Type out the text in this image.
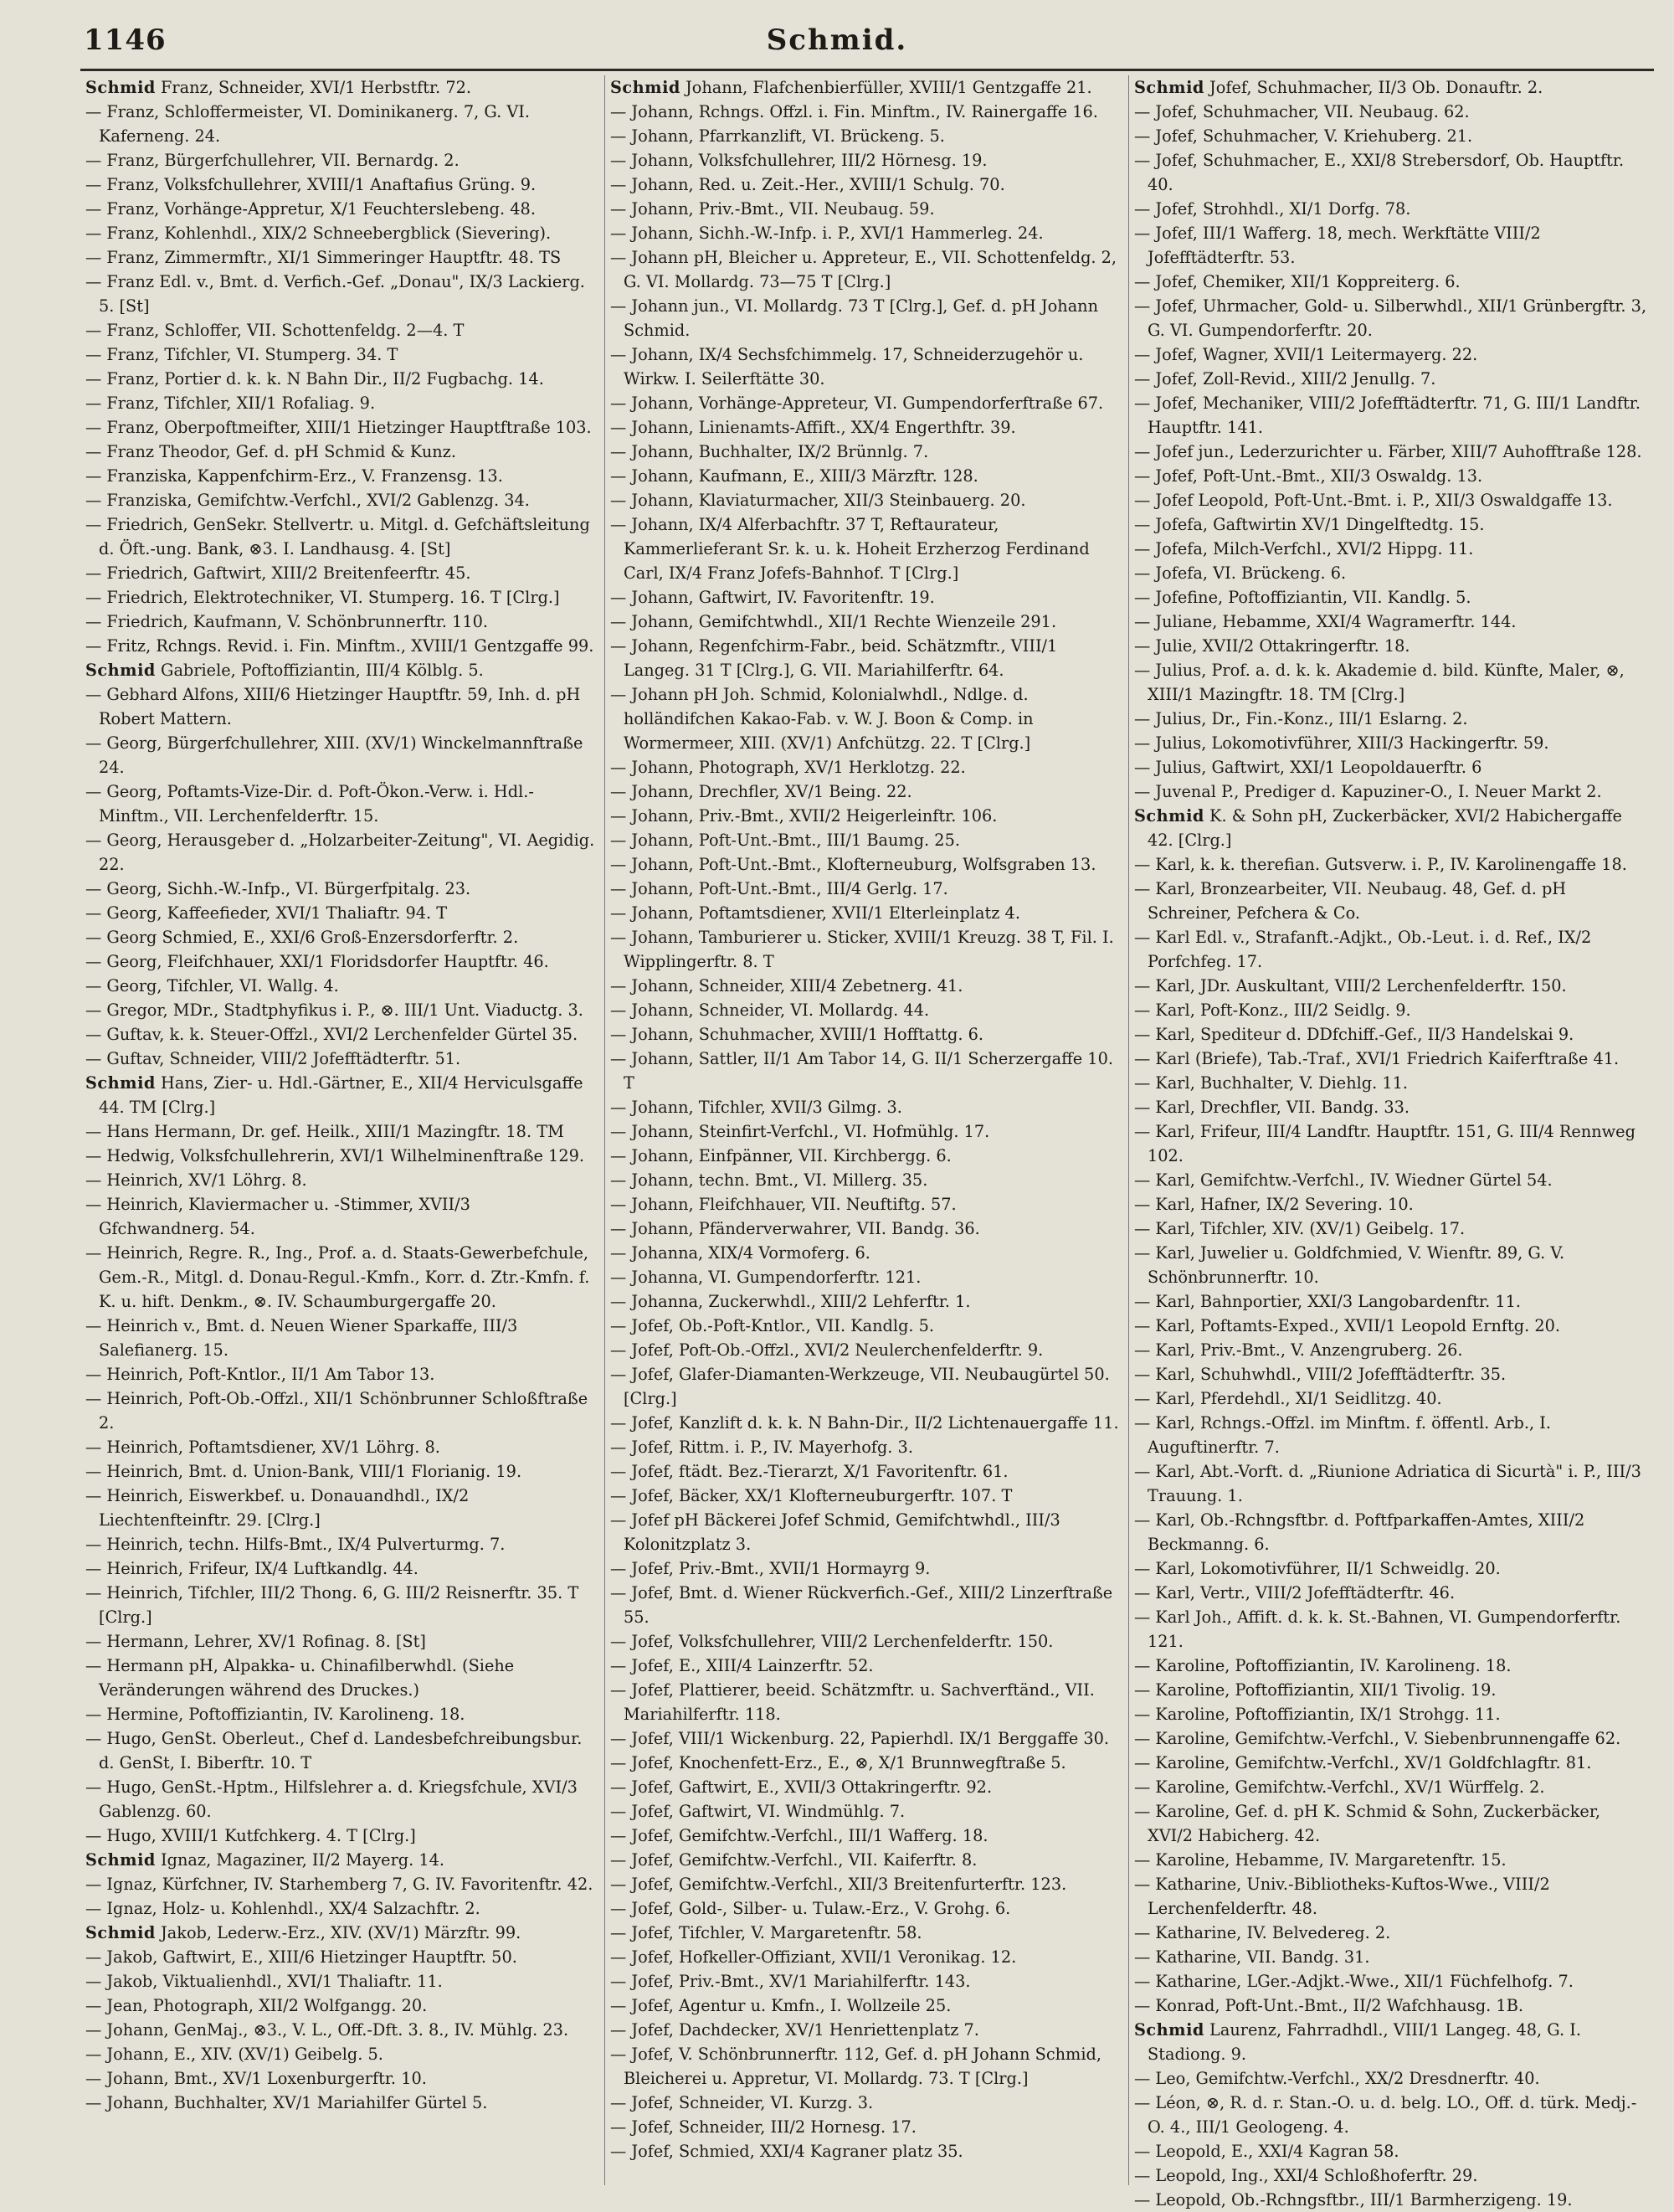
1146	Schmid.
Schmid Franz, Schneider, XVI/1 Herbstftr. 72.
— Franz, Schloffermeister, VI. Dominikanerg. 7, G. VI. Kaferneng. 24.
— Franz, Bürgerfchullehrer, VII. Bernardg. 2.
— Franz, Volksfchullehrer, XVIII/1 Anaftafius Grüng. 9.
— Franz, Vorhänge-Appretur, X/1 Feuchterslebeng. 48.
— Franz, Kohlenhdl., XIX/2 Schneebergblick (Sievering).
— Franz, Zimmermftr., XI/1 Simmeringer Hauptftr. 48. TS
— Franz Edl. v., Bmt. d. Verfich.-Gef. „Donau", IX/3 Lackierg. 5. [St]
— Franz, Schloffer, VII. Schottenfeldg. 2—4. T
— Franz, Tifchler, VI. Stumperg. 34. T
— Franz, Portier d. k. k. N Bahn Dir., II/2 Fugbachg. 14.
— Franz, Tifchler, XII/1 Rofaliag. 9.
— Franz, Oberpoftmeifter, XIII/1 Hietzinger Hauptftraße 103.
— Franz Theodor, Gef. d. pH Schmid & Kunz.
— Franziska, Kappenfchirm-Erz., V. Franzensg. 13.
— Franziska, Gemifchtw.-Verfchl., XVI/2 Gablenzg. 34.
— Friedrich, GenSekr. Stellvertr. u. Mitgl. d. Gefchäftsleitung d. Öft.-ung. Bank, ⊗3. I. Landhausg. 4. [St]
— Friedrich, Gaftwirt, XIII/2 Breitenfeerftr. 45.
— Friedrich, Elektrotechniker, VI. Stumperg. 16. T [Clrg.]
— Friedrich, Kaufmann, V. Schönbrunnerftr. 110.
— Fritz, Rchngs. Revid. i. Fin. Minftm., XVIII/1 Gentzgaffe 99.
Schmid Gabriele, Poftoffiziantin, III/4 Kölblg. 5.
— Gebhard Alfons, XIII/6 Hietzinger Hauptftr. 59, Inh. d. pH Robert Mattern.
— Georg, Bürgerfchullehrer, XIII. (XV/1) Winckelmannftraße 24.
— Georg, Poftamts-Vize-Dir. d. Poft-Ökon.-Verw. i. Hdl.-Minftm., VII. Lerchenfelderftr. 15.
— Georg, Herausgeber d. „Holzarbeiter-Zeitung", VI. Aegidig. 22.
— Georg, Sichh.-W.-Infp., VI. Bürgerfpitalg. 23.
— Georg, Kaffeefieder, XVI/1 Thaliaftr. 94. T
— Georg Schmied, E., XXI/6 Groß-Enzersdorferftr. 2.
— Georg, Fleifchhauer, XXI/1 Floridsdorfer Hauptftr. 46.
— Georg, Tifchler, VI. Wallg. 4.
— Gregor, MDr., Stadtphyfikus i. P., ⊗. III/1 Unt. Viaductg. 3.
— Guftav, k. k. Steuer-Offzl., XVI/2 Lerchenfelder Gürtel 35.
— Guftav, Schneider, VIII/2 Jofefftädterftr. 51.
Schmid Hans, Zier- u. Hdl.-Gärtner, E., XII/4 Herviculsgaffe 44. TM [Clrg.]
— Hans Hermann, Dr. gef. Heilk., XIII/1 Mazingftr. 18. TM
— Hedwig, Volksfchullehrerin, XVI/1 Wilhelminenftraße 129.
— Heinrich, XV/1 Löhrg. 8.
— Heinrich, Klaviermacher u. -Stimmer, XVII/3 Gfchwandnerg. 54.
— Heinrich, Regre. R., Ing., Prof. a. d. Staats-Gewerbefchule, Gem.-R., Mitgl. d. Donau-Regul.-Kmfn., Korr. d. Ztr.-Kmfn. f. K. u. hift. Denkm., ⊗. IV. Schaumburgergaffe 20.
— Heinrich v., Bmt. d. Neuen Wiener Sparkaffe, III/3 Salefianerg. 15.
— Heinrich, Poft-Kntlor., II/1 Am Tabor 13.
— Heinrich, Poft-Ob.-Offzl., XII/1 Schönbrunner Schloßftraße 2.
— Heinrich, Poftamtsdiener, XV/1 Löhrg. 8.
— Heinrich, Bmt. d. Union-Bank, VIII/1 Florianig. 19.
— Heinrich, Eiswerkbef. u. Donauandhdl., IX/2 Liechtenfteinftr. 29. [Clrg.]
— Heinrich, techn. Hilfs-Bmt., IX/4 Pulverturmg. 7.
— Heinrich, Frifeur, IX/4 Luftkandlg. 44.
— Heinrich, Tifchler, III/2 Thong. 6, G. III/2 Reisnerftr. 35. T [Clrg.]
— Hermann, Lehrer, XV/1 Rofinag. 8. [St]
— Hermann pH, Alpakka- u. Chinafilberwhdl. (Siehe Veränderungen während des Druckes.)
— Hermine, Poftoffiziantin, IV. Karolineng. 18.
— Hugo, GenSt. Oberleut., Chef d. Landesbefchreibungsbur. d. GenSt, I. Biberftr. 10. T
— Hugo, GenSt.-Hptm., Hilfslehrer a. d. Kriegsfchule, XVI/3 Gablenzg. 60.
— Hugo, XVIII/1 Kutfchkerg. 4. T [Clrg.]
Schmid Ignaz, Magaziner, II/2 Mayerg. 14.
— Ignaz, Kürfchner, IV. Starhemberg 7, G. IV. Favoritenftr. 42.
— Ignaz, Holz- u. Kohlenhdl., XX/4 Salzachftr. 2.
Schmid Jakob, Lederw.-Erz., XIV. (XV/1) Märzftr. 99.
— Jakob, Gaftwirt, E., XIII/6 Hietzinger Hauptftr. 50.
— Jakob, Viktualienhdl., XVI/1 Thaliaftr. 11.
— Jean, Photograph, XII/2 Wolfgangg. 20.
— Johann, GenMaj., ⊗3., V. L., Off.-Dft. 3. 8., IV. Mühlg. 23.
— Johann, E., XIV. (XV/1) Geibelg. 5.
— Johann, Bmt., XV/1 Loxenburgerftr. 10.
— Johann, Buchhalter, XV/1 Mariahilfer Gürtel 5.
Schmid Johann, Flafchenbierfüller, XVIII/1 Gentzgaffe 21.
— Johann, Rchngs. Offzl. i. Fin. Minftm., IV. Rainergaffe 16.
— Johann, Pfarrkanzlift, VI. Brückeng. 5.
— Johann, Volksfchullehrer, III/2 Hörnesg. 19.
— Johann, Red. u. Zeit.-Her., XVIII/1 Schulg. 70.
— Johann, Priv.-Bmt., VII. Neubaug. 59.
— Johann, Sichh.-W.-Infp. i. P., XVI/1 Hammerleg. 24.
— Johann pH, Bleicher u. Appreteur, E., VII. Schottenfeldg. 2, G. VI. Mollardg. 73—75 T [Clrg.]
— Johann jun., VI. Mollardg. 73 T [Clrg.], Gef. d. pH Johann Schmid.
— Johann, IX/4 Sechsfchimmelg. 17, Schneiderzugehör u. Wirkw. I. Seilerftätte 30.
— Johann, Vorhänge-Appreteur, VI. Gumpendorferftraße 67.
— Johann, Linienamts-Affift., XX/4 Engerthftr. 39.
— Johann, Buchhalter, IX/2 Brünnlg. 7.
— Johann, Kaufmann, E., XIII/3 Märzftr. 128.
— Johann, Klaviaturmacher, XII/3 Steinbauerg. 20.
— Johann, IX/4 Alferbachftr. 37 T, Reftaurateur, Kammerlieferant Sr. k. u. k. Hoheit Erzherzog Ferdinand Carl, IX/4 Franz Jofefs-Bahnhof. T [Clrg.]
— Johann, Gaftwirt, IV. Favoritenftr. 19.
— Johann, Gemifchtwhdl., XII/1 Rechte Wienzeile 291.
— Johann, Regenfchirm-Fabr., beid. Schätzmftr., VIII/1 Langeg. 31 T [Clrg.], G. VII. Mariahilferftr. 64.
— Johann pH Joh. Schmid, Kolonialwhdl., Ndlge. d. holländifchen Kakao-Fab. v. W. J. Boon & Comp. in Wormermeer, XIII. (XV/1) Anfchützg. 22. T [Clrg.]
— Johann, Photograph, XV/1 Herklotzg. 22.
— Johann, Drechfler, XV/1 Being. 22.
— Johann, Priv.-Bmt., XVII/2 Heigerleinftr. 106.
— Johann, Poft-Unt.-Bmt., III/1 Baumg. 25.
— Johann, Poft-Unt.-Bmt., Klofterneuburg, Wolfsgraben 13.
— Johann, Poft-Unt.-Bmt., III/4 Gerlg. 17.
— Johann, Poftamtsdiener, XVII/1 Elterleinplatz 4.
— Johann, Tamburierer u. Sticker, XVIII/1 Kreuzg. 38 T, Fil. I. Wipplingerftr. 8. T
— Johann, Schneider, XIII/4 Zebetnerg. 41.
— Johann, Schneider, VI. Mollardg. 44.
— Johann, Schuhmacher, XVIII/1 Hofftattg. 6.
— Johann, Sattler, II/1 Am Tabor 14, G. II/1 Scherzergaffe 10. T
— Johann, Tifchler, XVII/3 Gilmg. 3.
— Johann, Steinfirt-Verfchl., VI. Hofmühlg. 17.
— Johann, Einfpänner, VII. Kirchbergg. 6.
— Johann, techn. Bmt., VI. Millerg. 35.
— Johann, Fleifchhauer, VII. Neuftiftg. 57.
— Johann, Pfänderverwahrer, VII. Bandg. 36.
— Johanna, XIX/4 Vormoferg. 6.
— Johanna, VI. Gumpendorferftr. 121.
— Johanna, Zuckerwhdl., XIII/2 Lehferftr. 1.
— Jofef, Ob.-Poft-Kntlor., VII. Kandlg. 5.
— Jofef, Poft-Ob.-Offzl., XVI/2 Neulerchenfelderftr. 9.
— Jofef, Glafer-Diamanten-Werkzeuge, VII. Neubaugürtel 50. [Clrg.]
— Jofef, Kanzlift d. k. k. N Bahn-Dir., II/2 Lichtenauergaffe 11.
— Jofef, Rittm. i. P., IV. Mayerhofg. 3.
— Jofef, ftädt. Bez.-Tierarzt, X/1 Favoritenftr. 61.
— Jofef, Bäcker, XX/1 Klofterneuburgerftr. 107. T
— Jofef pH Bäckerei Jofef Schmid, Gemifchtwhdl., III/3 Kolonitzplatz 3.
— Jofef, Priv.-Bmt., XVII/1 Hormayrg 9.
— Jofef, Bmt. d. Wiener Rückverfich.-Gef., XIII/2 Linzerftraße 55.
— Jofef, Volksfchullehrer, VIII/2 Lerchenfelderftr. 150.
— Jofef, E., XIII/4 Lainzerftr. 52.
— Jofef, Plattierer, beeid. Schätzmftr. u. Sachverftänd., VII. Mariahilferftr. 118.
— Jofef, VIII/1 Wickenburg. 22, Papierhdl. IX/1 Berggaffe 30.
— Jofef, Knochenfett-Erz., E., ⊗, X/1 Brunnwegftraße 5.
— Jofef, Gaftwirt, E., XVII/3 Ottakringerftr. 92.
— Jofef, Gaftwirt, VI. Windmühlg. 7.
— Jofef, Gemifchtw.-Verfchl., III/1 Wafferg. 18.
— Jofef, Gemifchtw.-Verfchl., VII. Kaiferftr. 8.
— Jofef, Gemifchtw.-Verfchl., XII/3 Breitenfurterftr. 123.
— Jofef, Gold-, Silber- u. Tulaw.-Erz., V. Grohg. 6.
— Jofef, Tifchler, V. Margaretenftr. 58.
— Jofef, Hofkeller-Offiziant, XVII/1 Veronikag. 12.
— Jofef, Priv.-Bmt., XV/1 Mariahilferftr. 143.
— Jofef, Agentur u. Kmfn., I. Wollzeile 25.
— Jofef, Dachdecker, XV/1 Henriettenplatz 7.
— Jofef, V. Schönbrunnerftr. 112, Gef. d. pH Johann Schmid, Bleicherei u. Appretur, VI. Mollardg. 73. T [Clrg.]
— Jofef, Schneider, VI. Kurzg. 3.
— Jofef, Schneider, III/2 Hornesg. 17.
— Jofef, Schmied, XXI/4 Kagraner platz 35.
Schmid Jofef, Schuhmacher, II/3 Ob. Donauftr. 2.
— Jofef, Schuhmacher, VII. Neubaug. 62.
— Jofef, Schuhmacher, V. Kriehuberg. 21.
— Jofef, Schuhmacher, E., XXI/8 Strebersdorf, Ob. Hauptftr. 40.
— Jofef, Strohhdl., XI/1 Dorfg. 78.
— Jofef, III/1 Wafferg. 18, mech. Werkftätte VIII/2 Jofefftädterftr. 53.
— Jofef, Chemiker, XII/1 Koppreiterg. 6.
— Jofef, Uhrmacher, Gold- u. Silberwhdl., XII/1 Grünbergftr. 3, G. VI. Gumpendorferftr. 20.
— Jofef, Wagner, XVII/1 Leitermayerg. 22.
— Jofef, Zoll-Revid., XIII/2 Jenullg. 7.
— Jofef, Mechaniker, VIII/2 Jofefftädterftr. 71, G. III/1 Landftr. Hauptftr. 141.
— Jofef jun., Lederzurichter u. Färber, XIII/7 Auhofftraße 128.
— Jofef, Poft-Unt.-Bmt., XII/3 Oswaldg. 13.
— Jofef Leopold, Poft-Unt.-Bmt. i. P., XII/3 Oswaldgaffe 13.
— Jofefa, Gaftwirtin XV/1 Dingelftedtg. 15.
— Jofefa, Milch-Verfchl., XVI/2 Hippg. 11.
— Jofefa, VI. Brückeng. 6.
— Jofefine, Poftoffiziantin, VII. Kandlg. 5.
— Juliane, Hebamme, XXI/4 Wagramerftr. 144.
— Julie, XVII/2 Ottakringerftr. 18.
— Julius, Prof. a. d. k. k. Akademie d. bild. Künfte, Maler, ⊗, XIII/1 Mazingftr. 18. TM [Clrg.]
— Julius, Dr., Fin.-Konz., III/1 Eslarng. 2.
— Julius, Lokomotivführer, XIII/3 Hackingerftr. 59.
— Julius, Gaftwirt, XXI/1 Leopoldauerftr. 6
— Juvenal P., Prediger d. Kapuziner-O., I. Neuer Markt 2.
Schmid K. & Sohn pH, Zuckerbäcker, XVI/2 Habichergaffe 42. [Clrg.]
— Karl, k. k. therefian. Gutsverw. i. P., IV. Karolinengaffe 18.
— Karl, Bronzearbeiter, VII. Neubaug. 48, Gef. d. pH Schreiner, Pefchera & Co.
— Karl Edl. v., Strafanft.-Adjkt., Ob.-Leut. i. d. Ref., IX/2 Porfchfeg. 17.
— Karl, JDr. Auskultant, VIII/2 Lerchenfelderftr. 150.
— Karl, Poft-Konz., III/2 Seidlg. 9.
— Karl, Spediteur d. DDfchiff.-Gef., II/3 Handelskai 9.
— Karl (Briefe), Tab.-Traf., XVI/1 Friedrich Kaiferftraße 41.
— Karl, Buchhalter, V. Diehlg. 11.
— Karl, Drechfler, VII. Bandg. 33.
— Karl, Frifeur, III/4 Landftr. Hauptftr. 151, G. III/4 Rennweg 102.
— Karl, Gemifchtw.-Verfchl., IV. Wiedner Gürtel 54.
— Karl, Hafner, IX/2 Severing. 10.
— Karl, Tifchler, XIV. (XV/1) Geibelg. 17.
— Karl, Juwelier u. Goldfchmied, V. Wienftr. 89, G. V. Schönbrunnerftr. 10.
— Karl, Bahnportier, XXI/3 Langobardenftr. 11.
— Karl, Poftamts-Exped., XVII/1 Leopold Ernftg. 20.
— Karl, Priv.-Bmt., V. Anzengruberg. 26.
— Karl, Schuhwhdl., VIII/2 Jofefftädterftr. 35.
— Karl, Pferdehdl., XI/1 Seidlitzg. 40.
— Karl, Rchngs.-Offzl. im Minftm. f. öffentl. Arb., I. Auguftinerftr. 7.
— Karl, Abt.-Vorft. d. „Riunione Adriatica di Sicurtà" i. P., III/3 Trauung. 1.
— Karl, Ob.-Rchngsftbr. d. Poftfparkaffen-Amtes, XIII/2 Beckmanng. 6.
— Karl, Lokomotivführer, II/1 Schweidlg. 20.
— Karl, Vertr., VIII/2 Jofefftädterftr. 46.
— Karl Joh., Affift. d. k. k. St.-Bahnen, VI. Gumpendorferftr. 121.
— Karoline, Poftoffiziantin, IV. Karolineng. 18.
— Karoline, Poftoffiziantin, XII/1 Tivolig. 19.
— Karoline, Poftoffiziantin, IX/1 Strohgg. 11.
— Karoline, Gemifchtw.-Verfchl., V. Siebenbrunnengaffe 62.
— Karoline, Gemifchtw.-Verfchl., XV/1 Goldfchlagftr. 81.
— Karoline, Gemifchtw.-Verfchl., XV/1 Würffelg. 2.
— Karoline, Gef. d. pH K. Schmid & Sohn, Zuckerbäcker, XVI/2 Habicherg. 42.
— Karoline, Hebamme, IV. Margaretenftr. 15.
— Katharine, Univ.-Bibliotheks-Kuftos-Wwe., VIII/2 Lerchenfelderftr. 48.
— Katharine, IV. Belvedereg. 2.
— Katharine, VII. Bandg. 31.
— Katharine, LGer.-Adjkt.-Wwe., XII/1 Füchfelhofg. 7.
— Konrad, Poft-Unt.-Bmt., II/2 Wafchhausg. 1B.
Schmid Laurenz, Fahrradhdl., VIII/1 Langeg. 48, G. I. Stadiong. 9.
— Leo, Gemifchtw.-Verfchl., XX/2 Dresdnerftr. 40.
— Léon, ⊗, R. d. r. Stan.-O. u. d. belg. LO., Off. d. türk. Medj.-O. 4., III/1 Geologeng. 4.
— Leopold, E., XXI/4 Kagran 58.
— Leopold, Ing., XXI/4 Schloßhoferftr. 29.
— Leopold, Ob.-Rchngsftbr., III/1 Barmherzigeng. 19.
